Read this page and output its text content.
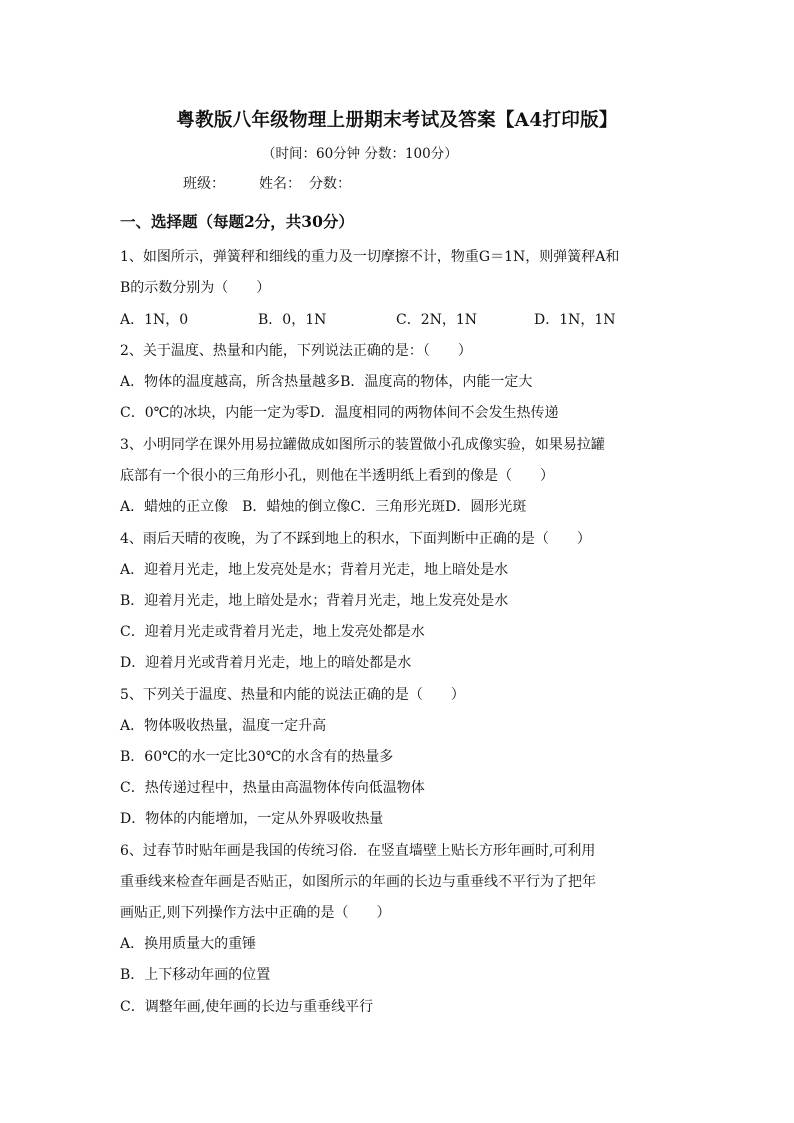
粤教版八年级物理上册期末考试及答案【A4打印版】
（时间：60分钟 分数：100分）
班级： 姓名： 分数：
一、选择题（每题2分，共30分）
1、如图所示，弹簧秤和细线的重力及一切摩擦不计，物重G＝1N，则弹簧秤A和
B的示数分别为（　　）
A．1N，0	B．0，1N	C．2N，1N	D．1N，1N
2、关于温度、热量和内能，下列说法正确的是：（　　）
A．物体的温度越高，所含热量越多B．温度高的物体，内能一定大
C．0℃的冰块，内能一定为零D．温度相同的两物体间不会发生热传递
3、小明同学在课外用易拉罐做成如图所示的装置做小孔成像实验，如果易拉罐
底部有一个很小的三角形小孔，则他在半透明纸上看到的像是（　　）
A．蜡烛的正立像　B．蜡烛的倒立像C．三角形光斑D．圆形光斑
4、雨后天晴的夜晚，为了不踩到地上的积水，下面判断中正确的是（　　）
A．迎着月光走，地上发亮处是水；背着月光走，地上暗处是水
B．迎着月光走，地上暗处是水；背着月光走，地上发亮处是水
C．迎着月光走或背着月光走，地上发亮处都是水
D．迎着月光或背着月光走，地上的暗处都是水
5、下列关于温度、热量和内能的说法正确的是（　　）
A．物体吸收热量，温度一定升高
B．60℃的水一定比30℃的水含有的热量多
C．热传递过程中，热量由高温物体传向低温物体
D．物体的内能增加，一定从外界吸收热量
6、过春节时贴年画是我国的传统习俗．在竖直墙壁上贴长方形年画时,可利用
重垂线来检查年画是否贴正，如图所示的年画的长边与重垂线不平行为了把年
画贴正,则下列操作方法中正确的是（　　）
A．换用质量大的重锤
B．上下移动年画的位置
C．调整年画,使年画的长边与重垂线平行
